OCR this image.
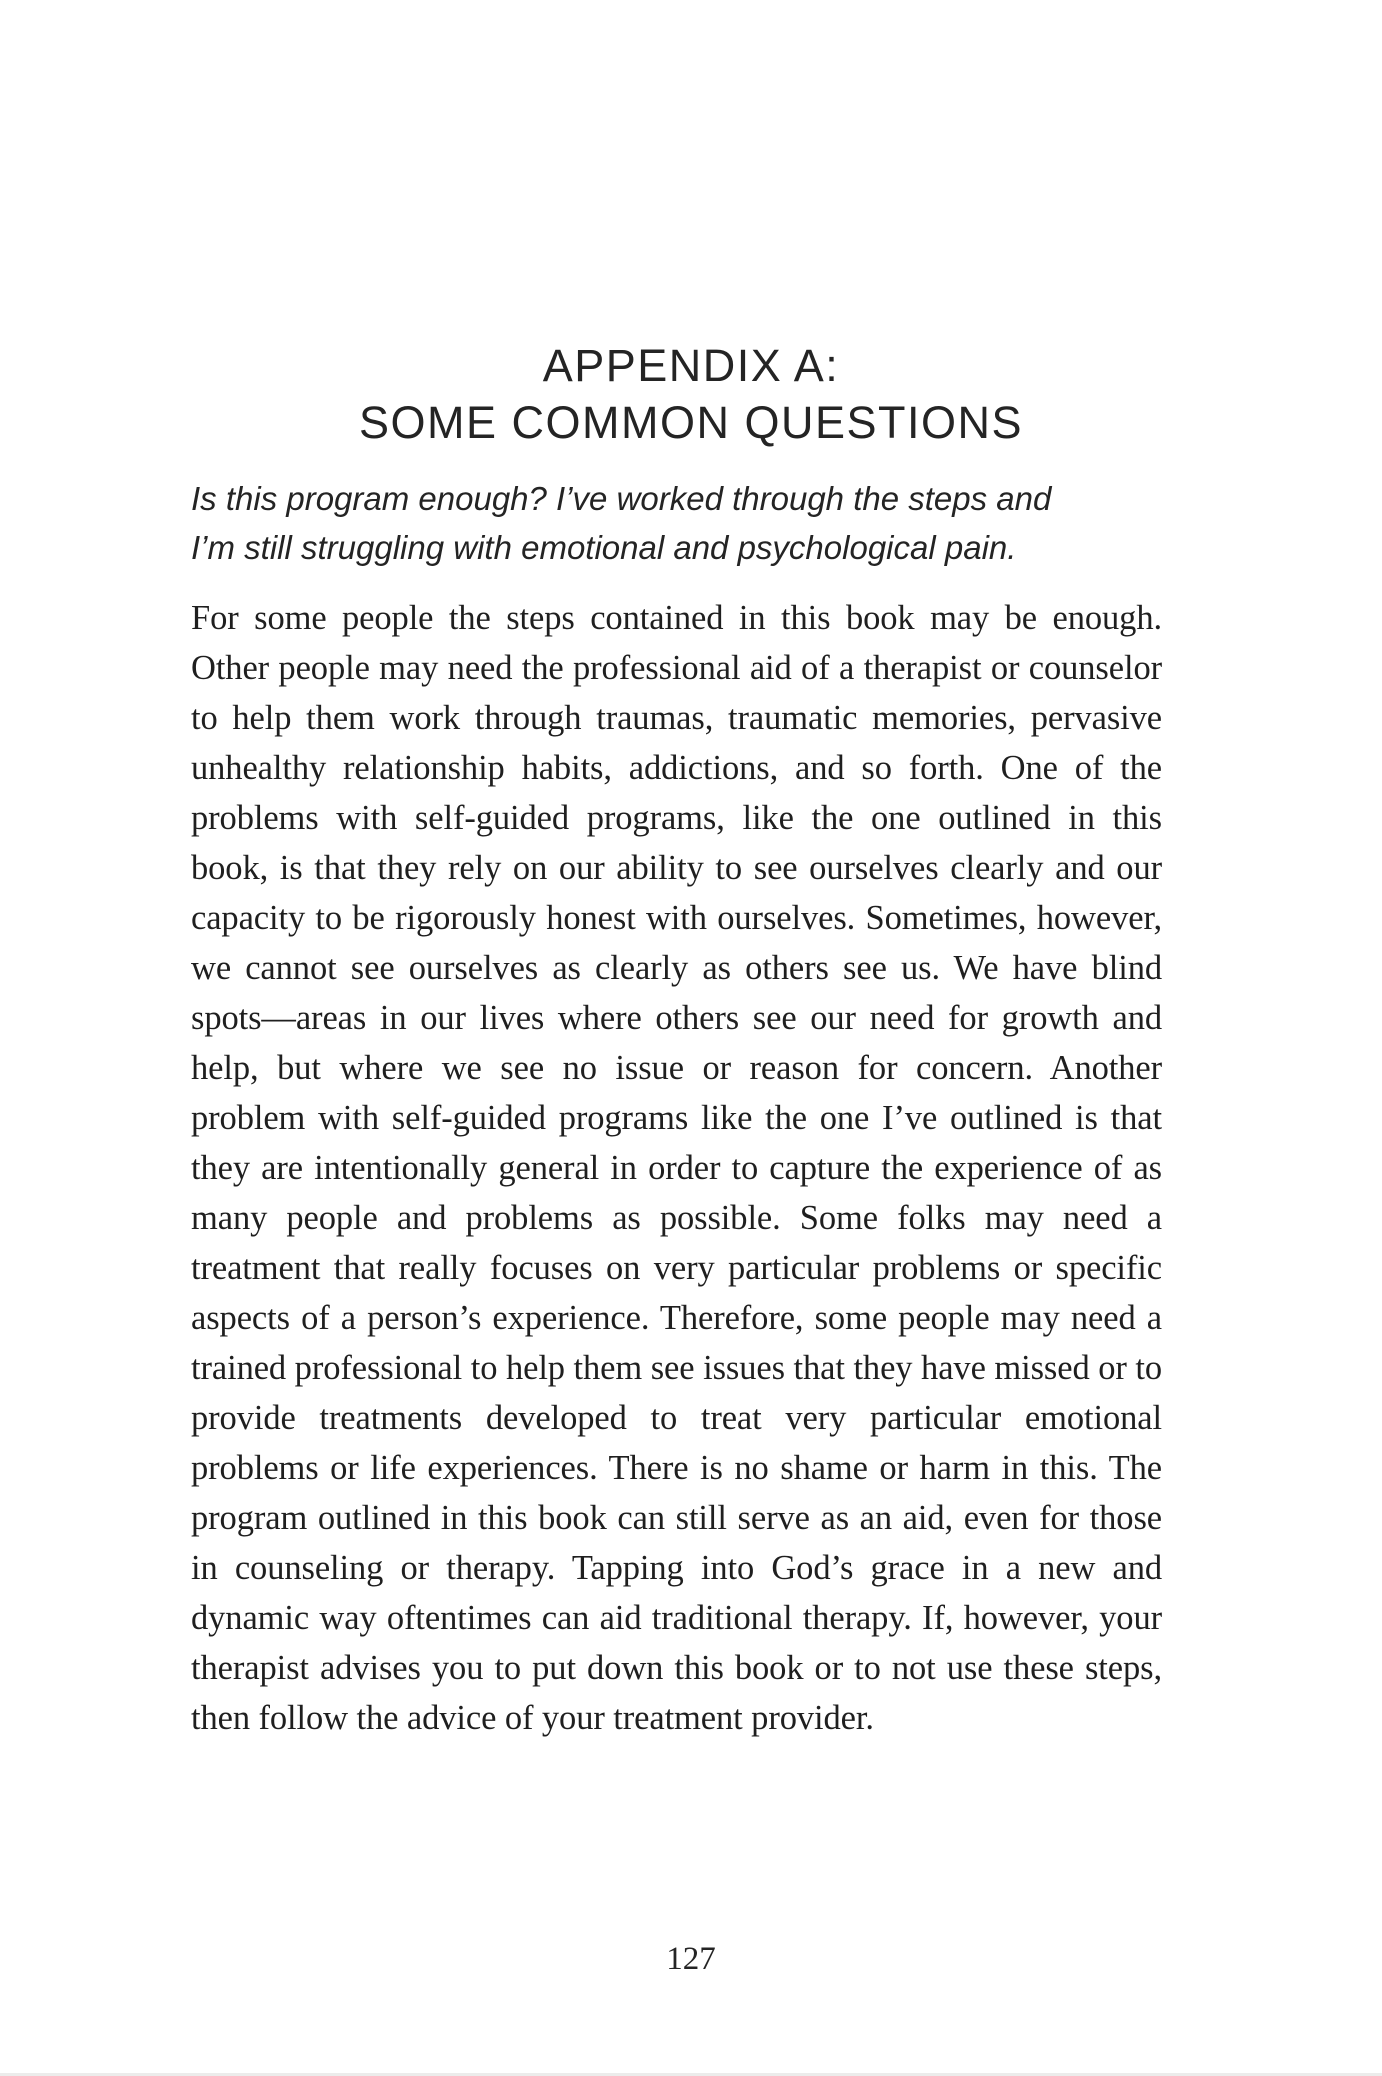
APPENDIX A:
SOME COMMON QUESTIONS
Is this program enough? I’ve worked through the steps and
I’m still struggling with emotional and psychological pain.

For some people the steps contained in this book may be enough. Other people may need the professional aid of a therapist or counselor to help them work through traumas, traumatic memories, pervasive unhealthy relationship habits, addictions, and so forth. One of the problems with self-guided programs, like the one outlined in this book, is that they rely on our ability to see ourselves clearly and our capacity to be rigorously honest with ourselves. Sometimes, however, we cannot see ourselves as clearly as others see us. We have blind spots—areas in our lives where others see our need for growth and help, but where we see no issue or reason for concern. Another problem with self-guided programs like the one I’ve outlined is that they are intentionally general in order to capture the experience of as many people and problems as possible. Some folks may need a treatment that really focuses on very particular problems or specific aspects of a person’s experience. Therefore, some people may need a trained professional to help them see issues that they have missed or to provide treatments developed to treat very particular emotional problems or life experiences. There is no shame or harm in this. The program outlined in this book can still serve as an aid, even for those in counseling or therapy. Tapping into God’s grace in a new and dynamic way oftentimes can aid traditional therapy. If, however, your therapist advises you to put down this book or to not use these steps, then follow the advice of your treatment provider.

127
